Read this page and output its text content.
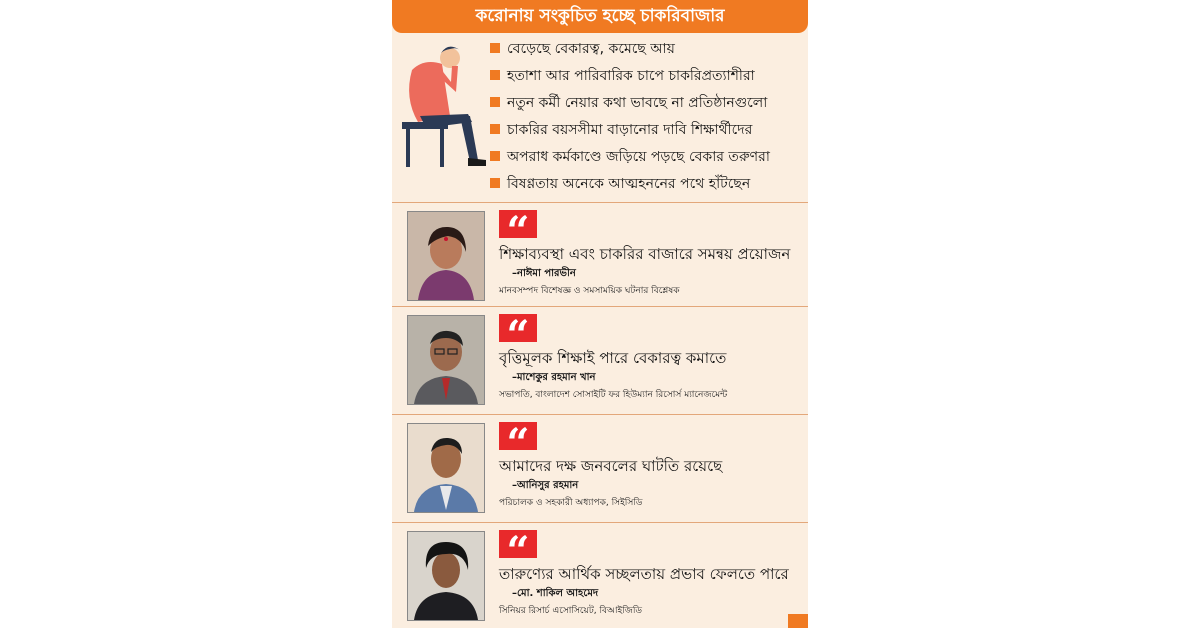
করোনায় সংকুচিত হচ্ছে চাকরিবাজার
বেড়েছে বেকারত্ব, কমেছে আয়
হতাশা আর পারিবারিক চাপে চাকরিপ্রত্যাশীরা
নতুন কর্মী নেয়ার কথা ভাবছে না প্রতিষ্ঠানগুলো
চাকরির বয়সসীমা বাড়ানোর দাবি শিক্ষার্থীদের
অপরাধ কর্মকাণ্ডে জড়িয়ে পড়ছে বেকার তরুণরা
বিষণ্ণতায় অনেকে আত্মহননের পথে হাঁটছেন
“
শিক্ষাব্যবস্থা এবং চাকরির বাজারে সমন্বয় প্রয়োজন
–নাঈমা পারভীন
মানবসম্পদ বিশেষজ্ঞ ও সমসাময়িক ঘটনার বিশ্লেষক
“
বৃত্তিমূলক শিক্ষাই পারে বেকারত্ব কমাতে
–মাশেকুর রহমান খান
সভাপতি, বাংলাদেশ সোসাইটি ফর হিউম্যান রিসোর্স ম্যানেজমেন্ট
“
আমাদের দক্ষ জনবলের ঘাটতি রয়েছে
–আনিসুর রহমান
পরিচালক ও সহকারী অধ্যাপক, সিইসিডি
“
তারুণ্যের আর্থিক সচ্ছলতায় প্রভাব ফেলতে পারে
–মো. শাকিল আহমেদ
সিনিয়র রিসার্চ এসোসিয়েট, বিআইজিডি
